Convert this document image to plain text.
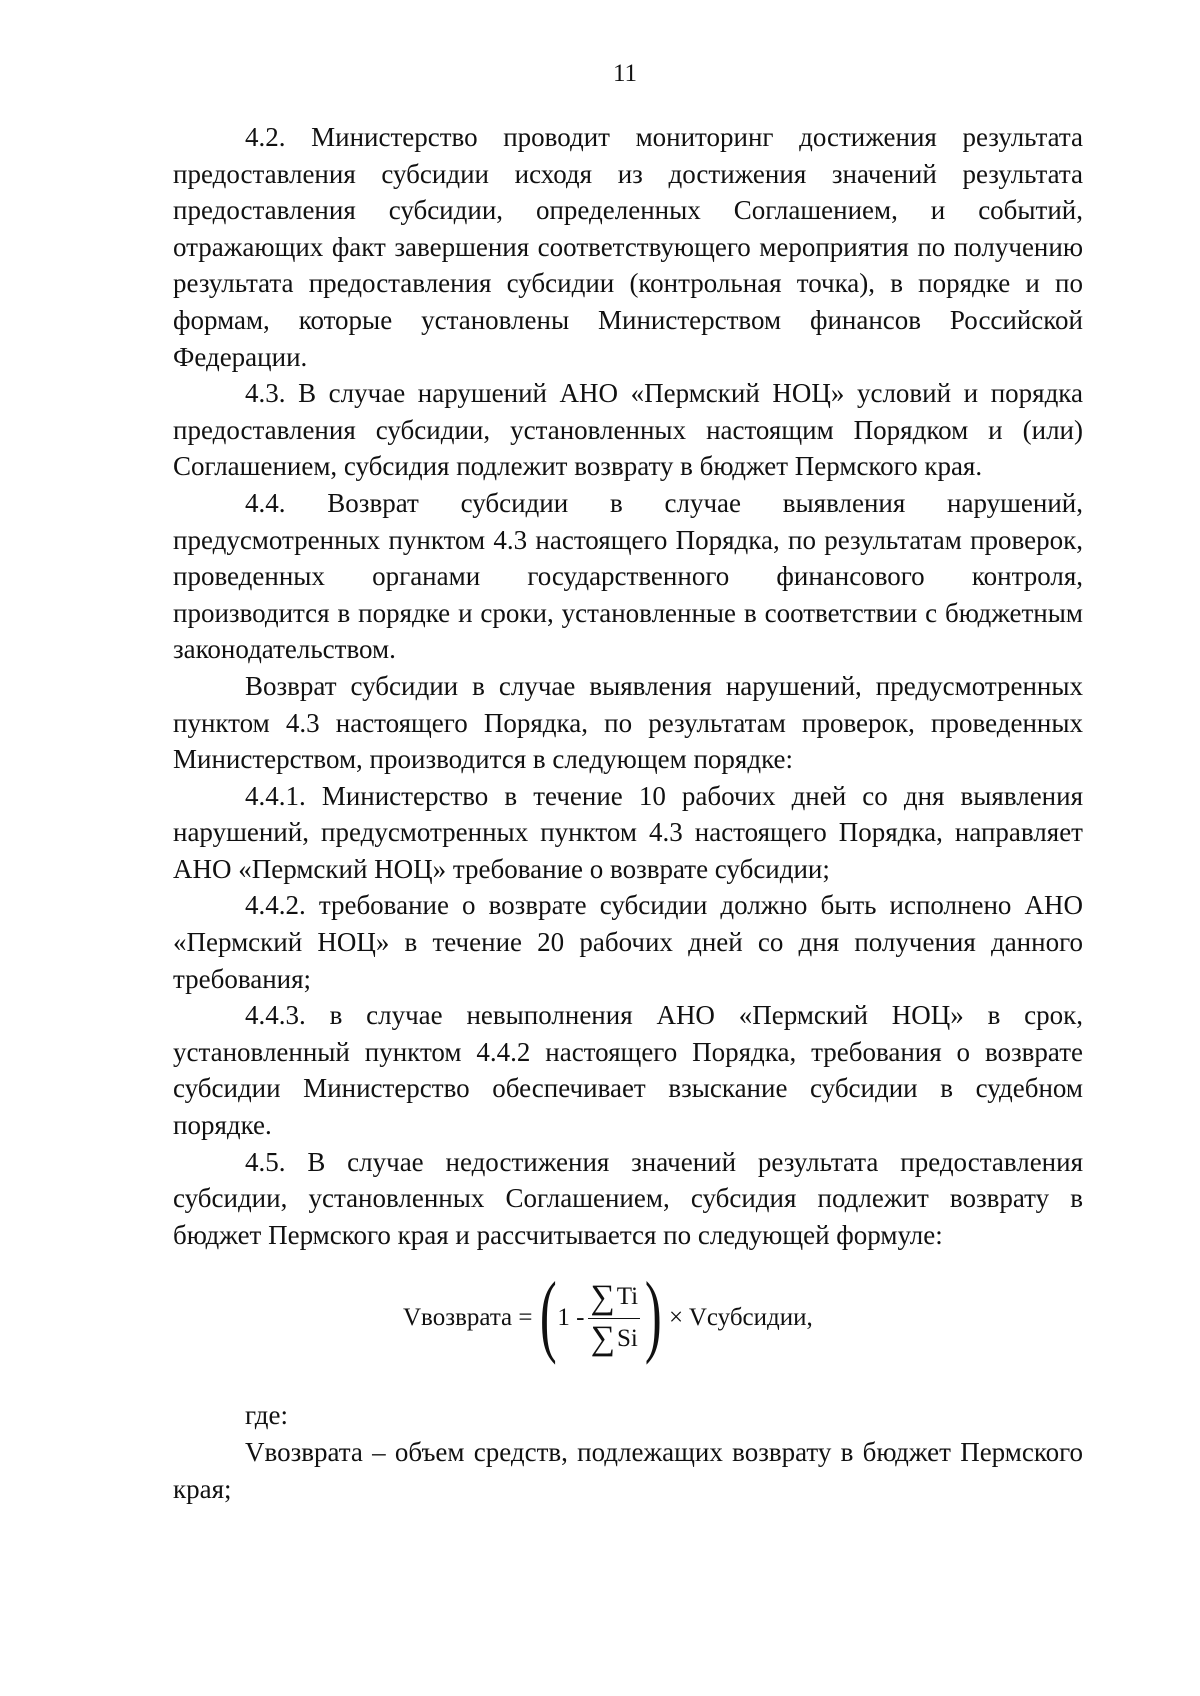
11

4.2. Министерство проводит мониторинг достижения результата предоставления субсидии исходя из достижения значений результата предоставления субсидии, определенных Соглашением, и событий, отражающих факт завершения соответствующего мероприятия по получению результата предоставления субсидии (контрольная точка), в порядке и по формам, которые установлены Министерством финансов Российской Федерации.

4.3. В случае нарушений АНО «Пермский НОЦ» условий и порядка предоставления субсидии, установленных настоящим Порядком и (или) Соглашением, субсидия подлежит возврату в бюджет Пермского края.

4.4. Возврат субсидии в случае выявления нарушений, предусмотренных пунктом 4.3 настоящего Порядка, по результатам проверок, проведенных органами государственного финансового контроля, производится в порядке и сроки, установленные в соответствии с бюджетным законодательством.

Возврат субсидии в случае выявления нарушений, предусмотренных пунктом 4.3 настоящего Порядка, по результатам проверок, проведенных Министерством, производится в следующем порядке:

4.4.1. Министерство в течение 10 рабочих дней со дня выявления нарушений, предусмотренных пунктом 4.3 настоящего Порядка, направляет АНО «Пермский НОЦ» требование о возврате субсидии;

4.4.2. требование о возврате субсидии должно быть исполнено АНО «Пермский НОЦ» в течение 20 рабочих дней со дня получения данного требования;

4.4.3. в случае невыполнения АНО «Пермский НОЦ» в срок, установленный пунктом 4.4.2 настоящего Порядка, требования о возврате субсидии Министерство обеспечивает взыскание субсидии в судебном порядке.

4.5. В случае недостижения значений результата предоставления субсидии, установленных Соглашением, субсидия подлежит возврату в бюджет Пермского края и рассчитывается по следующей формуле:

Vвозврата =
( $1 - \frac{\sum Ti}{\sum Si}$ )
× Vсубсидии,

где:

Vвозврата – объем средств, подлежащих возврату в бюджет Пермского края;
